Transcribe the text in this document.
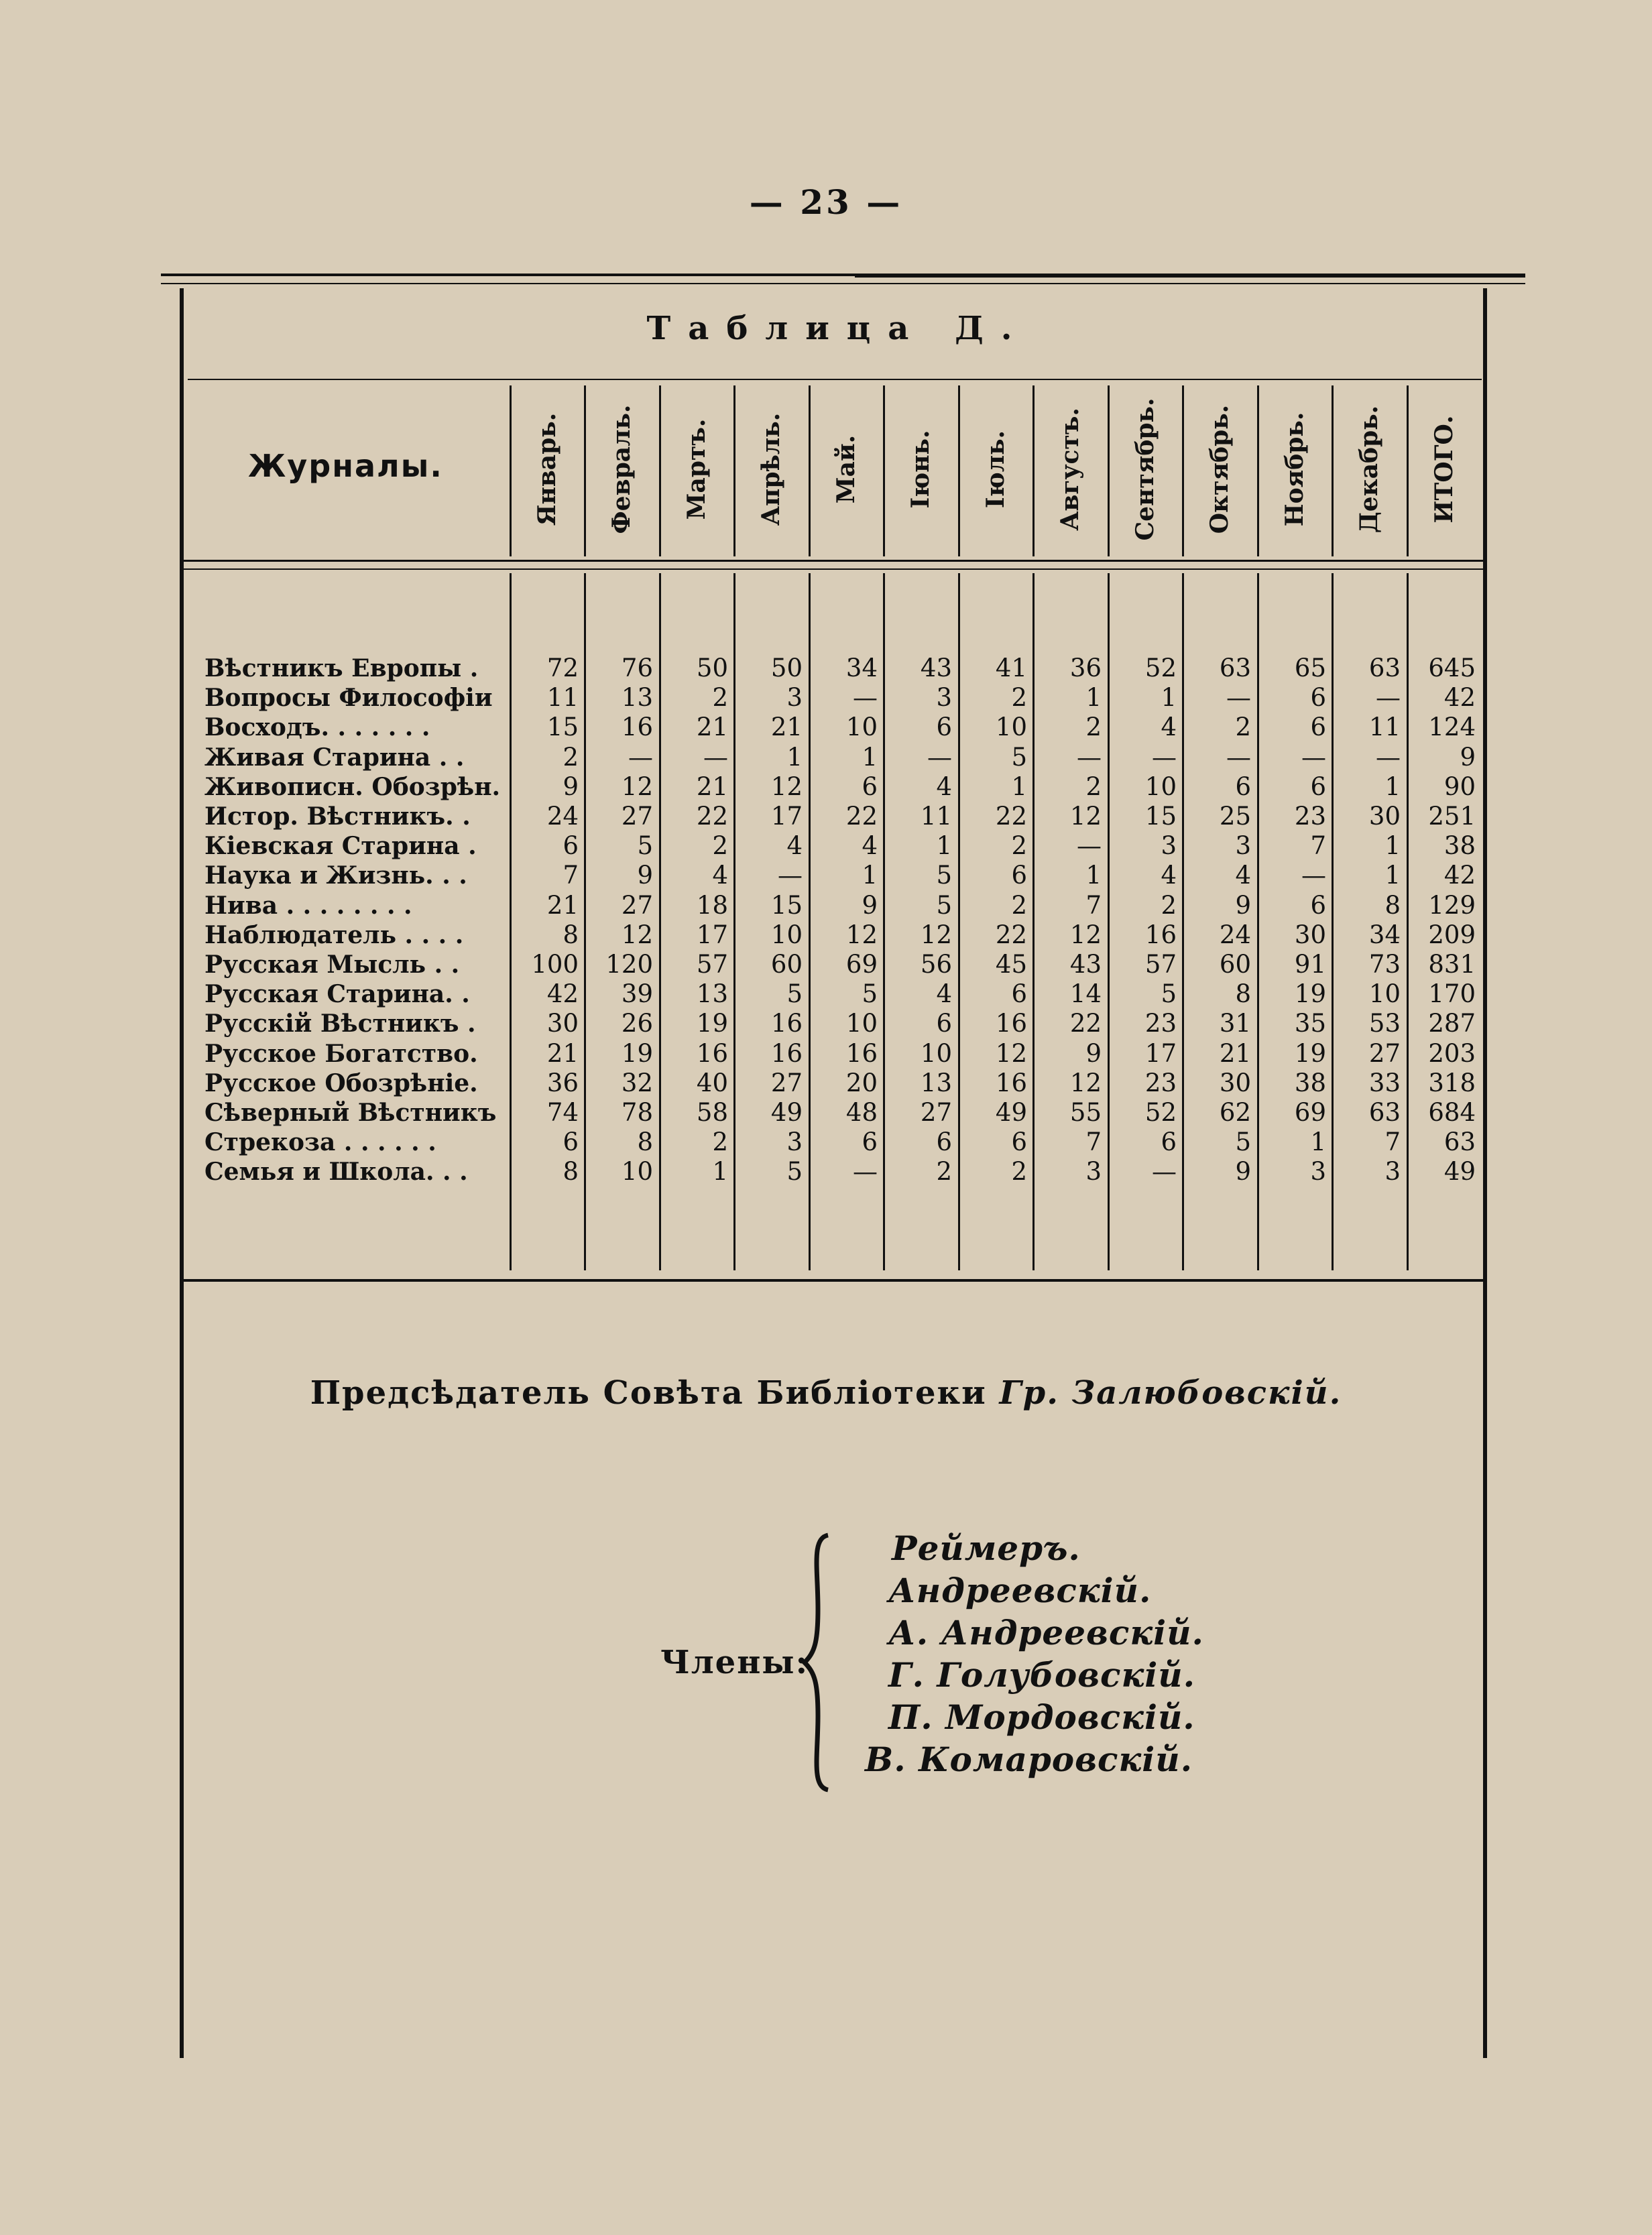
— 23 —
Таблица Д.
Журналы.	Январь. Февраль. Мартъ. Апрѣль. Май. Іюнь. Іюль. Августъ. Сентябрь. Октябрь. Ноябрь. Декабрь. ИТОГО.
Вѣстникъ Европы .	72	76	50	50	34	43	41	36	52	63	65	63	645
Вопросы Философіи	11	13	2	3	—	3	2	1	1	—	6	—	42
Восходъ. . . . . . .	15	16	21	21	10	6	10	2	4	2	6	11	124
Живая Старина . .	2	—	—	1	1	—	5	—	—	—	—	—	9
Живописн. Обозрѣн.	9	12	21	12	6	4	1	2	10	6	6	1	90
Истор. Вѣстникъ. .	24	27	22	17	22	11	22	12	15	25	23	30	251
Кіевская Старина .	6	5	2	4	4	1	2	—	3	3	7	1	38
Наука и Жизнь. . .	7	9	4	—	1	5	6	1	4	4	—	1	42
Нива . . . . . . . .	21	27	18	15	9	5	2	7	2	9	6	8	129
Наблюдатель . . . .	8	12	17	10	12	12	22	12	16	24	30	34	209
Русская Мысль . .	100	120	57	60	69	56	45	43	57	60	91	73	831
Русская Старина. .	42	39	13	5	5	4	6	14	5	8	19	10	170
Русскій Вѣстникъ .	30	26	19	16	10	6	16	22	23	31	35	53	287
Русское Богатство.	21	19	16	16	16	10	12	9	17	21	19	27	203
Русское Обозрѣніе.	36	32	40	27	20	13	16	12	23	30	38	33	318
Сѣверный Вѣстникъ	74	78	58	49	48	27	49	55	52	62	69	63	684
Стрекоза . . . . . .	6	8	2	3	6	6	6	7	6	5	1	7	63
Семья и Школа. . .	8	10	1	5	—	2	2	3	—	9	3	3	49
Предсѣдатель Совѣта Библіотеки Гр. Залюбовскій.
Члены:
Реймеръ.
Андреевскій.
А. Андреевскій.
Г. Голубовскій.
П. Мордовскій.
В. Комаровскій.
